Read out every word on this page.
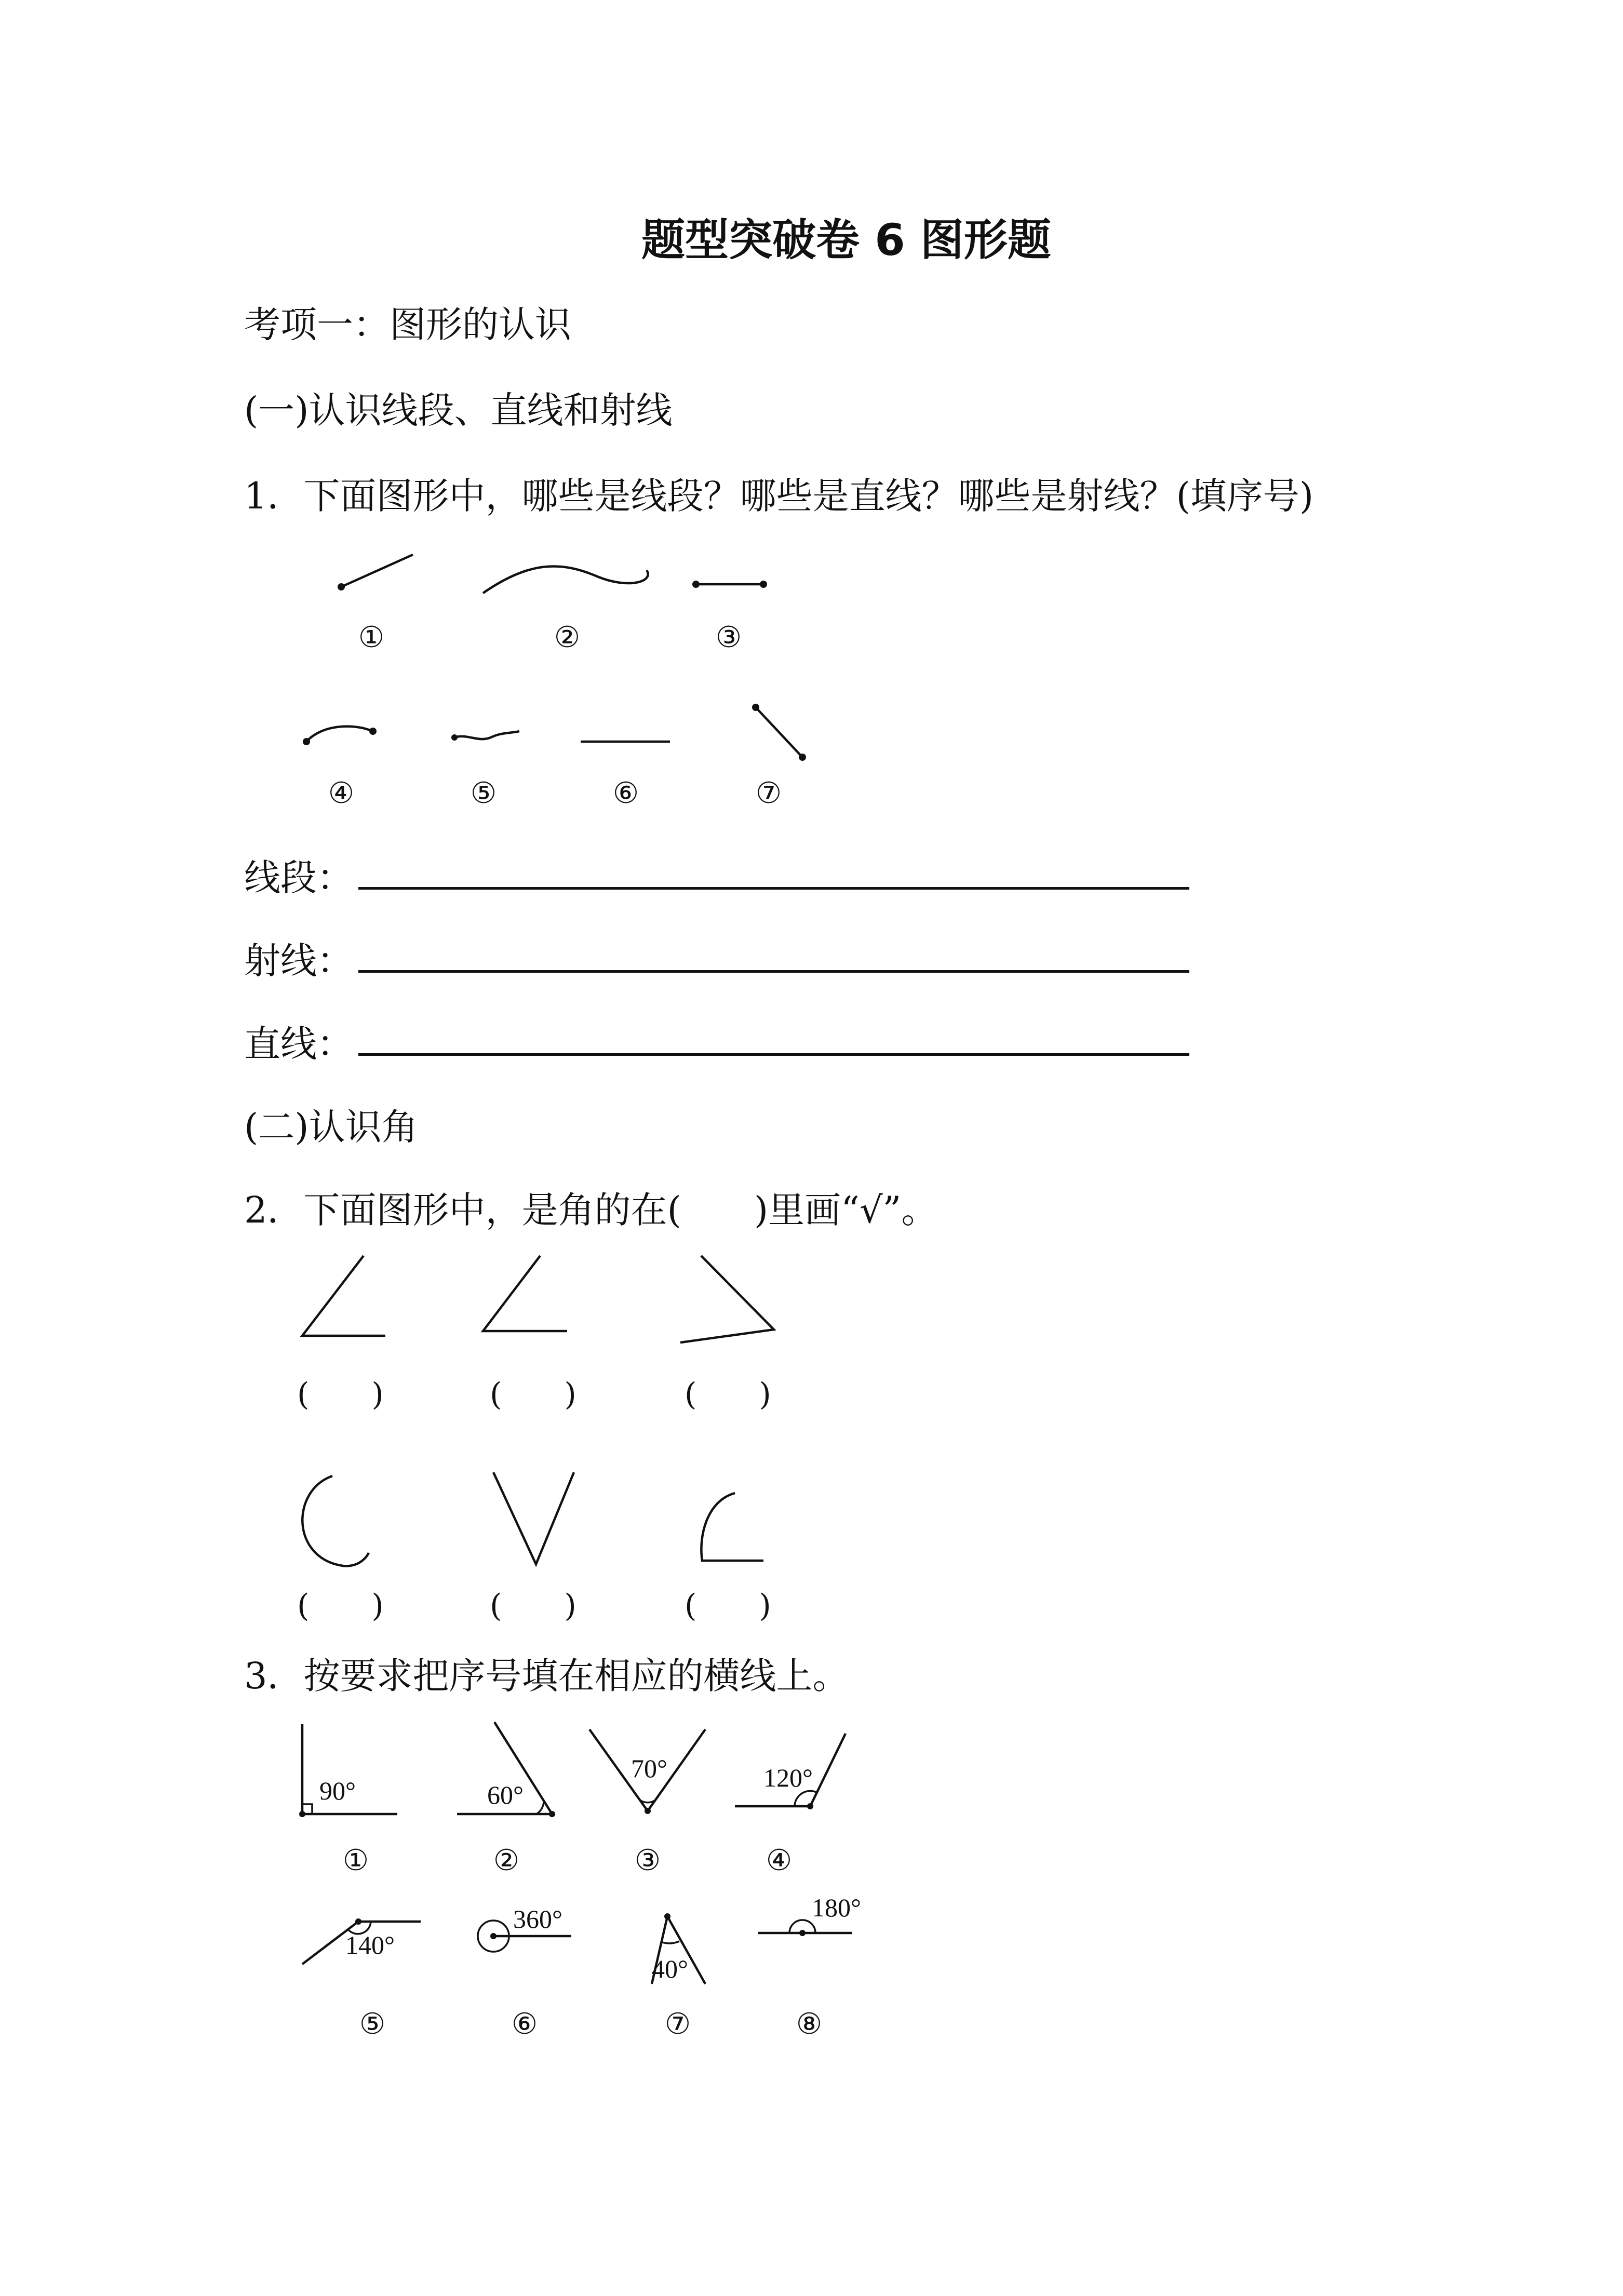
题型突破卷 6 图形题
考项一：图形的认识
(一)认识线段、直线和射线
1．下面图形中，哪些是线段？哪些是直线？哪些是射线？(填序号)
①	②	③
④	⑤	⑥	⑦
线段：
射线：
直线：
(二)认识角
2．下面图形中，是角的在(　　)里画“√”。
(　　)	(　　)	(　　)
(　　)	(　　)	(　　)
3．按要求把序号填在相应的横线上。
90°	60°
70°	120°
140°
360°
40°
180°
①	②	③	④
⑤	⑥	⑦	⑧
